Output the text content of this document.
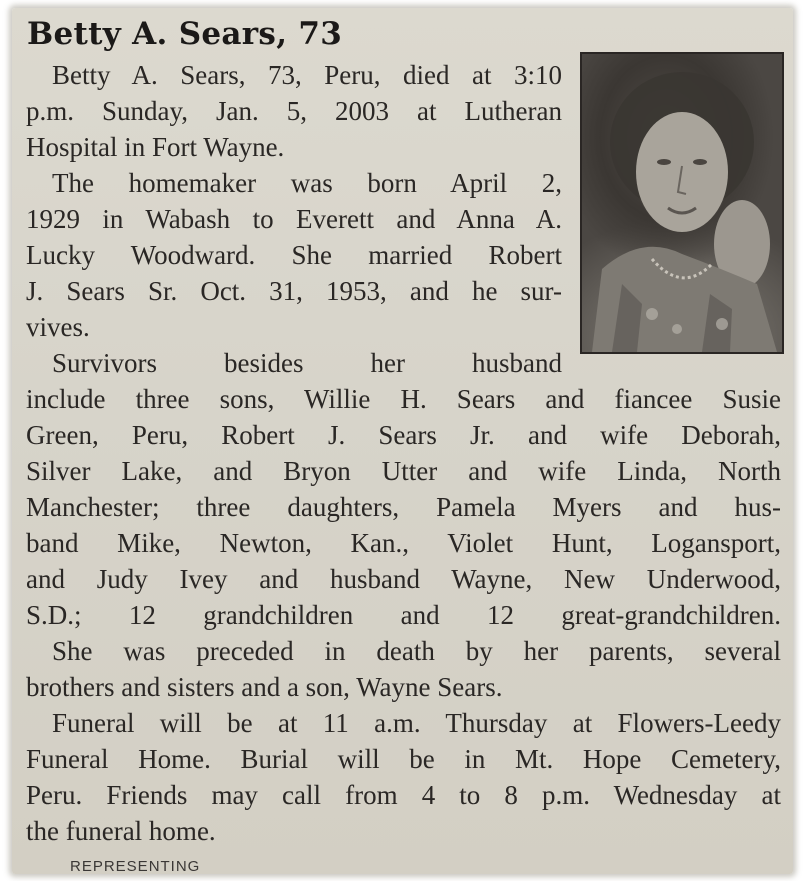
Betty A. Sears, 73

Betty A. Sears, 73, Peru, died at 3:10

p.m. Sunday, Jan. 5, 2003 at Lutheran

Hospital in Fort Wayne.

The homemaker was born April 2,

1929 in Wabash to Everett and Anna A.

Lucky Woodward. She married Robert

J. Sears Sr. Oct. 31, 1953, and he sur-

vives.

Survivors besides her husband

include three sons, Willie H. Sears and fiancee Susie

Green, Peru, Robert J. Sears Jr. and wife Deborah,

Silver Lake, and Bryon Utter and wife Linda, North

Manchester; three daughters, Pamela Myers and hus-

band Mike, Newton, Kan., Violet Hunt, Logansport,

and Judy Ivey and husband Wayne, New Underwood,

S.D.; 12 grandchildren and 12 great-grandchildren.

She was preceded in death by her parents, several

brothers and sisters and a son, Wayne Sears.

Funeral will be at 11 a.m. Thursday at Flowers-Leedy

Funeral Home. Burial will be in Mt. Hope Cemetery,

Peru. Friends may call from 4 to 8 p.m. Wednesday at

the funeral home.

REPRESENTING
